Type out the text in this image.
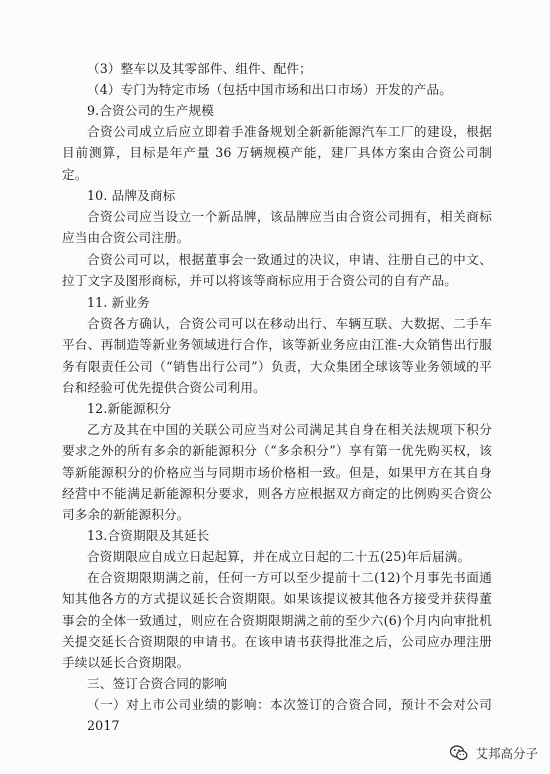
（3）整车以及其零部件、组件、配件；

（4）专门为特定市场（包括中国市场和出口市场）开发的产品。

9.合资公司的生产规模

合资公司成立后应立即着手准备规划全新新能源汽车工厂的建设，根据目前测算，目标是年产量 36 万辆规模产能，建厂具体方案由合资公司制定。

10. 品牌及商标

合资公司应当设立一个新品牌，该品牌应当由合资公司拥有，相关商标应当由合资公司注册。

合资公司可以，根据董事会一致通过的决议，申请、注册自己的中文、拉丁文字及图形商标，并可以将该等商标应用于合资公司的自有产品。

11. 新业务

合资各方确认，合资公司可以在移动出行、车辆互联、大数据、二手车平台、再制造等新业务领域进行合作，该等新业务应由江淮-大众销售出行服务有限责任公司（“销售出行公司”）负责，大众集团全球该等业务领域的平台和经验可优先提供合资公司利用。

12.新能源积分

乙方及其在中国的关联公司应当对公司满足其自身在相关法规项下积分要求之外的所有多余的新能源积分（“多余积分”）享有第一优先购买权，该等新能源积分的价格应当与同期市场价格相一致。但是，如果甲方在其自身经营中不能满足新能源积分要求，则各方应根据双方商定的比例购买合资公司多余的新能源积分。

13.合资期限及其延长

合资期限应自成立日起起算，并在成立日起的二十五(25)年后届满。

在合资期限期满之前，任何一方可以至少提前十二(12)个月事先书面通知其他各方的方式提议延长合资期限。如果该提议被其他各方接受并获得董事会的全体一致通过，则应在合资期限期满之前的至少六(6)个月内向审批机关提交延长合资期限的申请书。在该申请书获得批准之后，公司应办理注册手续以延长合资期限。

三、签订合资合同的影响

（一）对上市公司业绩的影响：本次签订的合资合同，预计不会对公司 2017

艾邦高分子
